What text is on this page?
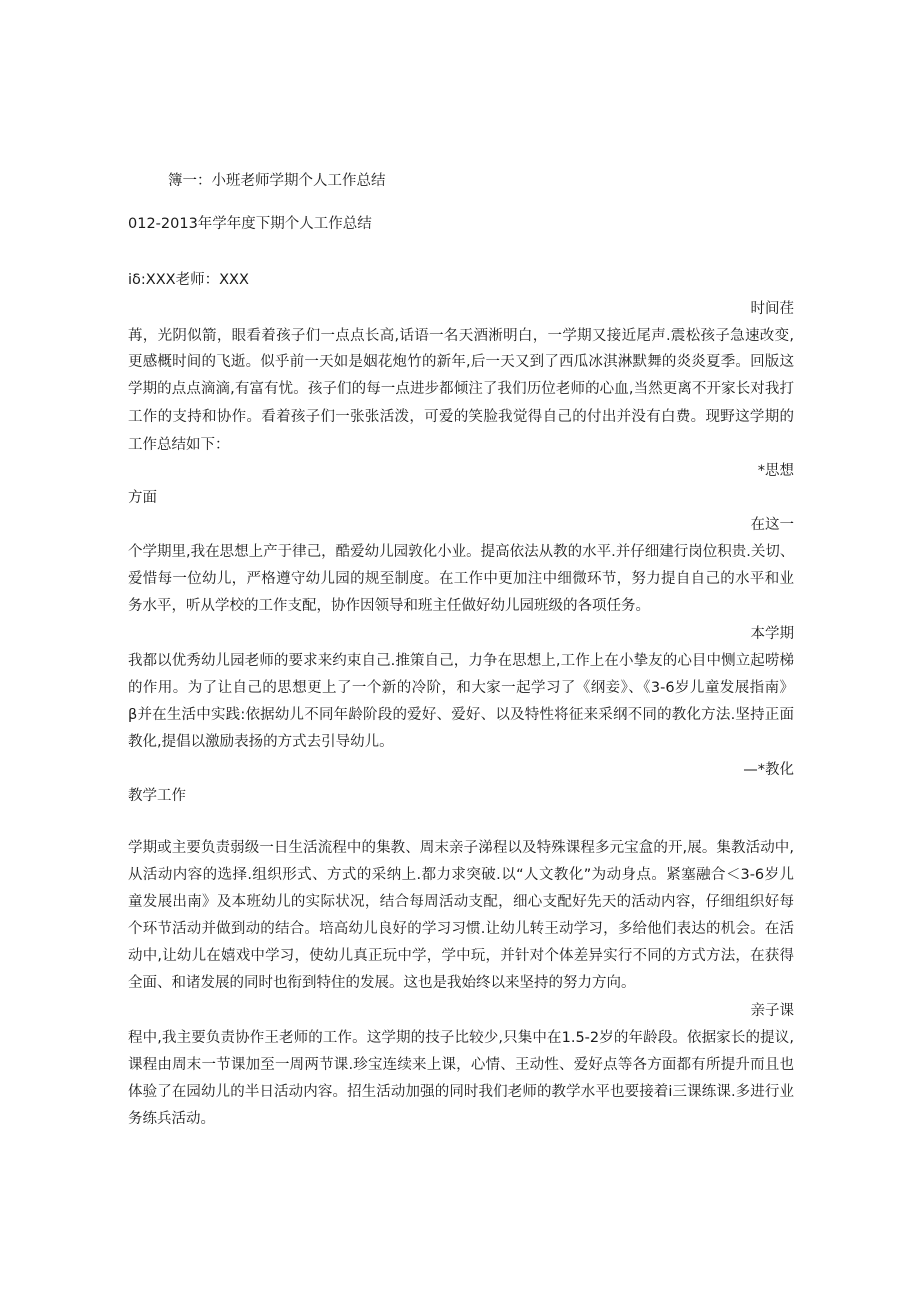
簿一：小班老师学期个人工作总结
012-2013年学年度下期个人工作总结
iδ:XXX老师：XXX
时间荏
苒，光阴似箭，眼看着孩子们一点点长高,话语一名天酒淅明白，一学期又接近尾声.震松孩子急速改变,
更感概时间的飞逝。似乎前一天如是姻花炮竹的新年,后一天又到了西瓜冰淇淋默舞的炎炎夏季。回版这
学期的点点滴滴,有富有忧。孩子们的每一点进步都倾注了我们历位老师的心血,当然更离不开家长对我打
工作的支持和协作。看着孩子们一张张活泼，可爱的笑脸我觉得自己的付出并没有白费。现野这学期的
工作总结如下：
*思想
方面
在这一
个学期里,我在思想上产于律己，酷爱幼儿园敦化小业。提高依法从教的水平.并仔细建行岗位积贵.关切、
爱惜每一位幼儿，严格遵守幼儿园的规至制度。在工作中更加注中细微环节，努力提自自己的水平和业
务水平，听从学校的工作支配，协作因领导和班主任做好幼儿园班级的各项任务。
本学期
我都以优秀幼儿园老师的要求来约束自己.推策自己，力争在思想上,工作上在小挚友的心目中恻立起唠梯
的作用。为了让自己的思想更上了一个新的冷阶，和大家一起学习了《纲妾》、《3-6岁儿童发展指南》
β并在生活中实践:依据幼儿不同年龄阶段的爱好、爱好、以及特性将征来采纲不同的教化方法.坚持正面
教化,提倡以激励表扬的方式去引导幼儿。
—*教化
教学工作
学期或主要负责弱级一日生活流程中的集教、周末亲子涕程以及特殊课程多元宝盒的开,展。集教活动中,
从活动内容的选择.组织形式、方式的采纳上.都力求突破.以“人文教化”为动身点。紧塞融合＜3-6岁儿
童发展出南》及本班幼儿的实际状况，结合每周活动支配，细心支配好先天的活动内容，仔细组织好每
个环节活动并做到动的结合。培高幼儿良好的学习习惯.让幼儿转王动学习，多给他们表达的机会。在活
动中,让幼儿在嬉戏中学习，使幼儿真正玩中学，学中玩，并针对个体差异实行不同的方式方法，在获得
全面、和诸发展的同时也衔到特住的发展。这也是我始终以来坚持的努力方向。
亲子课
程中,我主要负责协作王老师的工作。这学期的技子比较少,只集中在1.5-2岁的年龄段。依据家长的提议,
课程由周末一节课加至一周两节课.珍宝连续来上课，心情、王动性、爱好点等各方面都有所提升而且也
体验了在园幼儿的半日活动内容。招生活动加强的同时我们老师的教学水平也要接着i三课练课.多进行业
务练兵活动。
